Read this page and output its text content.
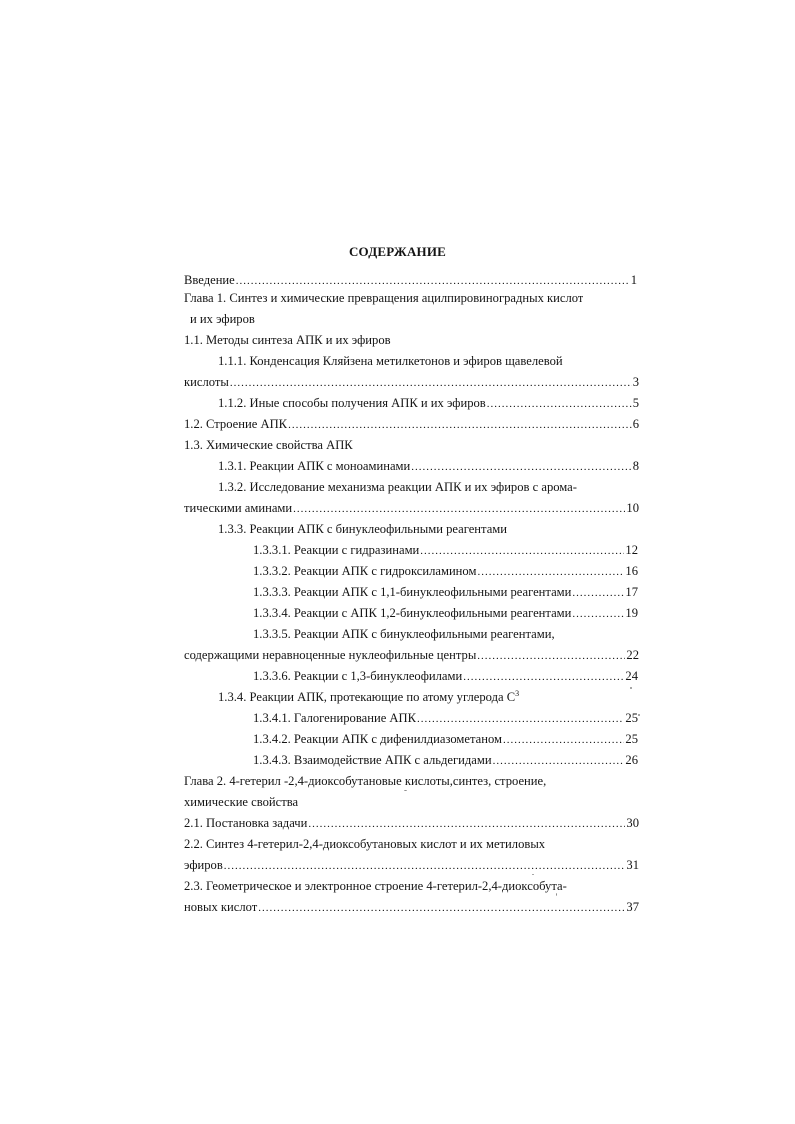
СОДЕРЖАНИЕ
Введение .....	1
Глава 1. Синтез и химические превращения ацилпировиноградных кислот
и их эфиров
1.1. Методы синтеза АПК и их эфиров
1.1.1. Конденсация Кляйзена метилкетонов и эфиров щавелевой
кислоты .....	3
1.1.2. Иные способы получения АПК и их эфиров .....	5
1.2. Строение АПК .....	6
1.3. Химические свойства АПК
1.3.1. Реакции АПК с моноаминами .....	8
1.3.2. Исследование механизма реакции АПК и их эфиров с арома-
тическими аминами .....	10
1.3.3. Реакции АПК с бинуклеофильными реагентами
1.3.3.1. Реакции с гидразинами .....	12
1.3.3.2. Реакции АПК с гидроксиламином .....	16
1.3.3.3. Реакции АПК с 1,1-бинуклеофильными реагентами .....	17
1.3.3.4. Реакции с АПК 1,2-бинуклеофильными реагентами .....	19
1.3.3.5. Реакции АПК с бинуклеофильными реагентами,
содержащими неравноценные нуклеофильные центры .....	22
1.3.3.6. Реакции с 1,3-бинуклеофилами .....	24
1.3.4. Реакции АПК, протекающие по атому углерода $С^3$
1.3.4.1. Галогенирование АПК .....	25
1.3.4.2. Реакции АПК с дифенилдиазометаном .....	25
1.3.4.3. Взаимодействие АПК с альдегидами .....	26
Глава 2. 4-гетерил -2,4-диоксобутановые кислоты,синтез, строение,
химические свойства
2.1. Постановка задачи .....	30
2.2. Синтез 4-гетерил-2,4-диоксобутановых кислот и их метиловых
эфиров .....	31
2.3. Геометрическое и электронное строение 4-гетерил-2,4-диоксобута-
новых кислот .....	37
